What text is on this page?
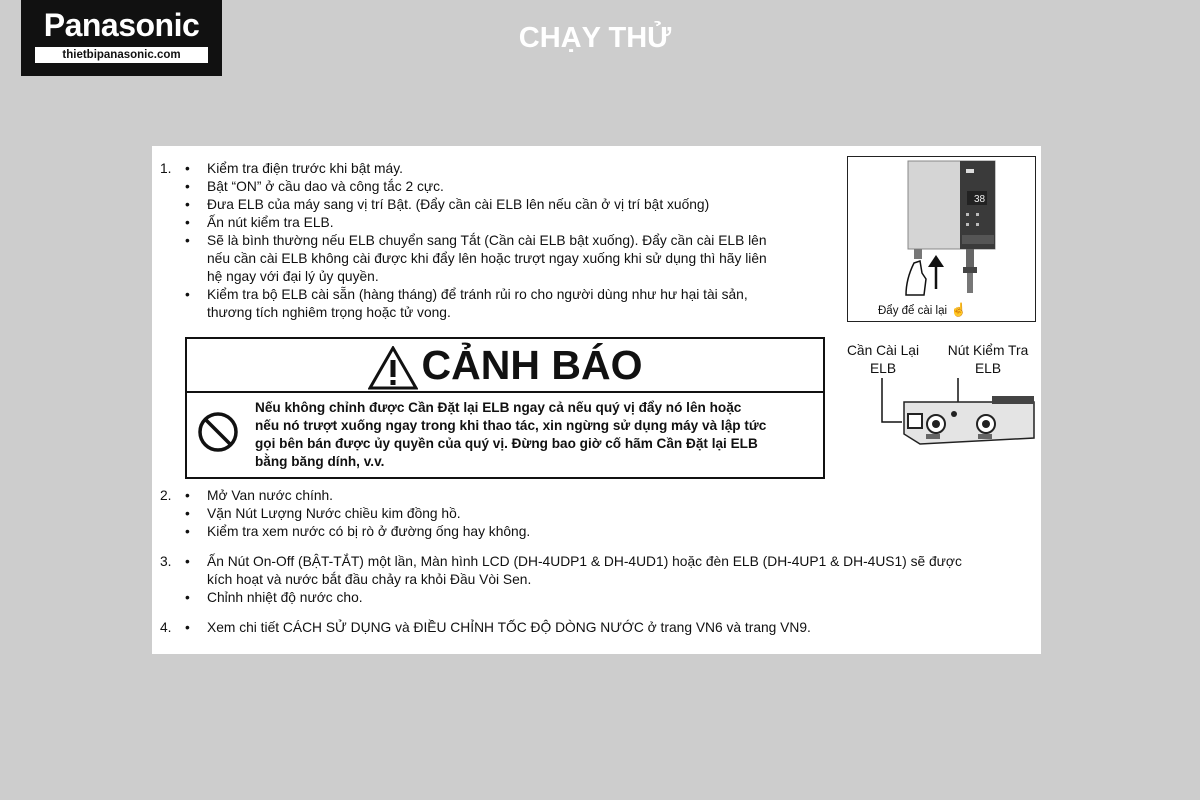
Panasonic
thietbipanasonic.com
CHẠY THỬ
1. •	Kiểm tra điện trước khi bật máy.
•	Bật “ON” ở cầu dao và công tắc 2 cực.
•	Đưa ELB của máy sang vị trí Bật. (Đẩy cần cài ELB lên nếu cần ở vị trí bật xuống)
•	Ấn nút kiểm tra ELB.
•	Sẽ là bình thường nếu ELB chuyển sang Tắt (Cần cài ELB bật xuống). Đẩy cần cài ELB lên
nếu cần cài ELB không cài được khi đẩy lên hoặc trượt ngay xuống khi sử dụng thì hãy liên
hệ ngay với đại lý ủy quyền.
•	Kiểm tra bộ ELB cài sẵn (hàng tháng) để tránh rủi ro cho người dùng như hư hại tài sản,
thương tích nghiêm trọng hoặc tử vong.
CẢNH BÁO
Nếu không chỉnh được Cần Đặt lại ELB ngay cả nếu quý vị đẩy nó lên hoặc
nếu nó trượt xuống ngay trong khi thao tác, xin ngừng sử dụng máy và lập tức
gọi bên bán được ủy quyền của quý vị. Đừng bao giờ cố hãm Cần Đặt lại ELB
bằng băng dính, v.v.
2. •	Mở Van nước chính.
•	Vặn Nút Lượng Nước chiều kim đồng hồ.
•	Kiểm tra xem nước có bị rò ở đường ống hay không.
3. •	Ấn Nút On-Off (BẬT-TẮT) một lần, Màn hình LCD (DH-4UDP1 & DH-4UD1) hoặc đèn ELB (DH-4UP1 & DH-4US1) sẽ được
kích hoạt và nước bắt đầu chảy ra khỏi Đầu Vòi Sen.
•	Chỉnh nhiệt độ nước cho.
4. •	Xem chi tiết CÁCH SỬ DỤNG và ĐIỀU CHỈNH TỐC ĐỘ DÒNG NƯỚC ở trang VN6 và trang VN9.
38
Đẩy để cài lại ☝
Cần Cài Lại
ELB
Nút Kiểm Tra
ELB
